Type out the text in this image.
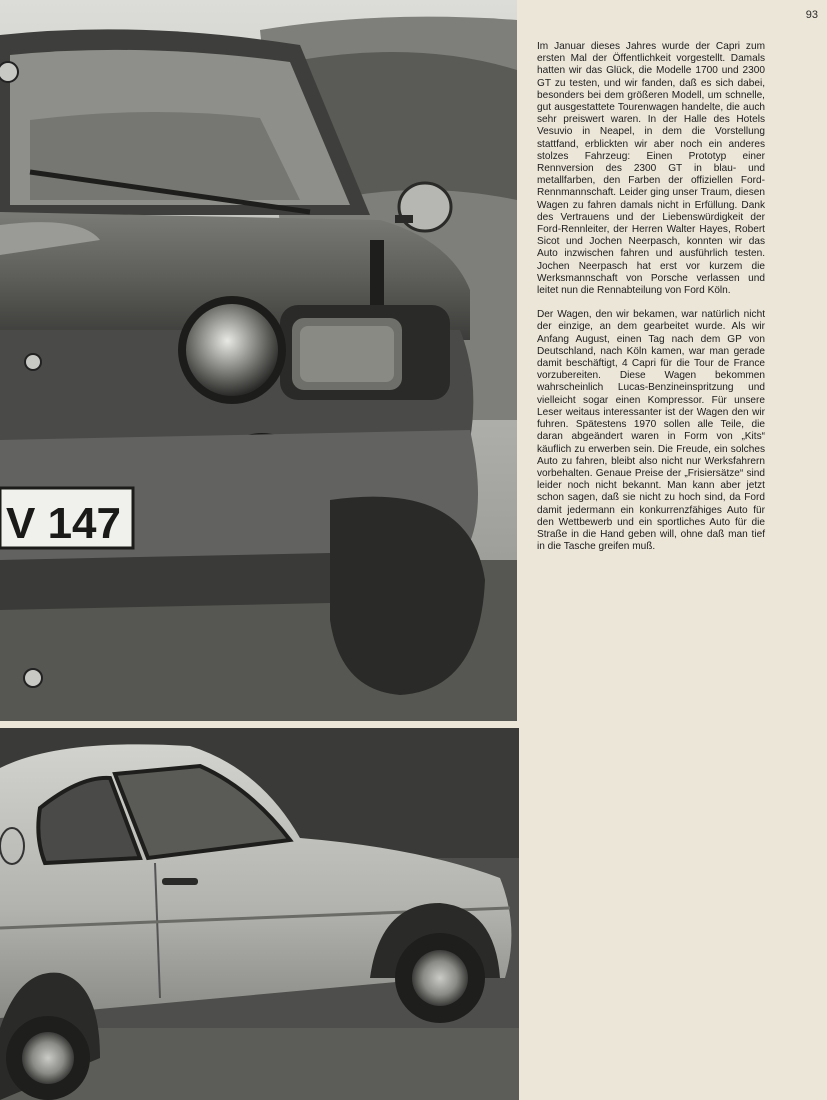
V 147
93

Im Januar dieses Jahres wurde der Capri zum ersten Mal der Öffentlichkeit vorgestellt. Damals hatten wir das Glück, die Modelle 1700 und 2300 GT zu testen, und wir fanden, daß es sich dabei, besonders bei dem größeren Modell, um schnelle, gut ausgestattete Tourenwagen handelte, die auch sehr preiswert waren. In der Halle des Hotels Vesuvio in Neapel, in dem die Vorstellung stattfand, erblickten wir aber noch ein anderes stolzes Fahrzeug: Einen Prototyp einer Rennversion des 2300 GT in blau- und metallfarben, den Farben der offiziellen Ford-Rennmannschaft. Leider ging unser Traum, diesen Wagen zu fahren damals nicht in Erfüllung. Dank des Vertrauens und der Liebenswürdigkeit der Ford-Rennleiter, der Herren Walter Hayes, Robert Sicot und Jochen Neerpasch, konnten wir das Auto inzwischen fahren und ausführlich testen. Jochen Neerpasch hat erst vor kurzem die Werksmannschaft von Porsche verlassen und leitet nun die Rennabteilung von Ford Köln.

Der Wagen, den wir bekamen, war natürlich nicht der einzige, an dem gearbeitet wurde. Als wir Anfang August, einen Tag nach dem GP von Deutschland, nach Köln kamen, war man gerade damit beschäftigt, 4 Capri für die Tour de France vorzubereiten. Diese Wagen bekommen wahrscheinlich Lucas-Benzineinspritzung und vielleicht sogar einen Kompressor. Für unsere Leser weitaus interessanter ist der Wagen den wir fuhren. Spätestens 1970 sollen alle Teile, die daran abgeändert waren in Form von „Kits“ käuflich zu erwerben sein. Die Freude, ein solches Auto zu fahren, bleibt also nicht nur Werksfahrern vorbehalten. Genaue Preise der „Frisiersätze“ sind leider noch nicht bekannt. Man kann aber jetzt schon sagen, daß sie nicht zu hoch sind, da Ford damit jedermann ein konkurrenzfähiges Auto für den Wettbewerb und ein sportliches Auto für die Straße in die Hand geben will, ohne daß man tief in die Tasche greifen muß.
